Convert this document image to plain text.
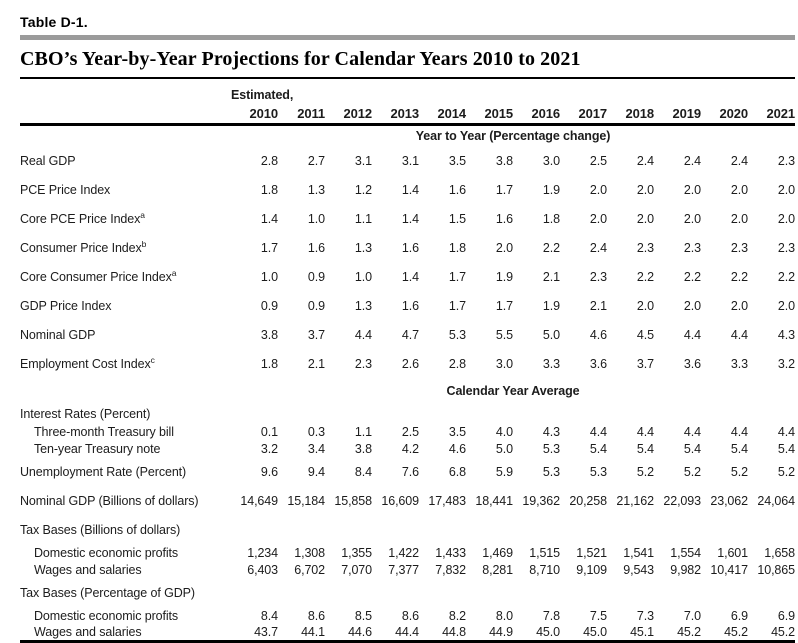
Table D-1.
CBO’s Year-by-Year Projections for Calendar Years 2010 to 2021
	Estimated,											
	2010	2011	2012	2013	2014	2015	2016	2017	2018	2019	2020	2021
	Year to Year (Percentage change)											
Real GDP	2.8	2.7	3.1	3.1	3.5	3.8	3.0	2.5	2.4	2.4	2.4	2.3
PCE Price Index	1.8	1.3	1.2	1.4	1.6	1.7	1.9	2.0	2.0	2.0	2.0	2.0
Core PCE Price Index$^a$	1.4	1.0	1.1	1.4	1.5	1.6	1.8	2.0	2.0	2.0	2.0	2.0
Consumer Price Index$^b$	1.7	1.6	1.3	1.6	1.8	2.0	2.2	2.4	2.3	2.3	2.3	2.3
Core Consumer Price Index$^a$	1.0	0.9	1.0	1.4	1.7	1.9	2.1	2.3	2.2	2.2	2.2	2.2
GDP Price Index	0.9	0.9	1.3	1.6	1.7	1.7	1.9	2.1	2.0	2.0	2.0	2.0
Nominal GDP	3.8	3.7	4.4	4.7	5.3	5.5	5.0	4.6	4.5	4.4	4.4	4.3
Employment Cost Index$^c$	1.8	2.1	2.3	2.6	2.8	3.0	3.3	3.6	3.7	3.6	3.3	3.2
	Calendar Year Average											
Interest Rates (Percent)												
Three-month Treasury bill	0.1	0.3	1.1	2.5	3.5	4.0	4.3	4.4	4.4	4.4	4.4	4.4
Ten-year Treasury note	3.2	3.4	3.8	4.2	4.6	5.0	5.3	5.4	5.4	5.4	5.4	5.4
Unemployment Rate (Percent)	9.6	9.4	8.4	7.6	6.8	5.9	5.3	5.3	5.2	5.2	5.2	5.2
Nominal GDP (Billions of dollars)	14,649	15,184	15,858	16,609	17,483	18,441	19,362	20,258	21,162	22,093	23,062	24,064
Tax Bases (Billions of dollars)												
Domestic economic profits	1,234	1,308	1,355	1,422	1,433	1,469	1,515	1,521	1,541	1,554	1,601	1,658
Wages and salaries	6,403	6,702	7,070	7,377	7,832	8,281	8,710	9,109	9,543	9,982	10,417	10,865
Tax Bases (Percentage of GDP)												
Domestic economic profits	8.4	8.6	8.5	8.6	8.2	8.0	7.8	7.5	7.3	7.0	6.9	6.9
Wages and salaries	43.7	44.1	44.6	44.4	44.8	44.9	45.0	45.0	45.1	45.2	45.2	45.2
